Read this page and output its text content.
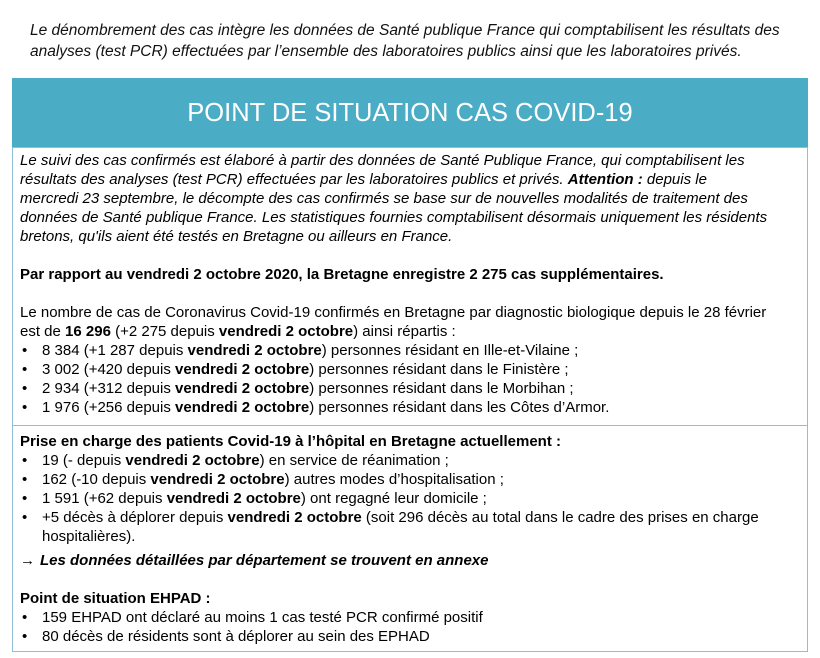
Le dénombrement des cas intègre les données de Santé publique France qui comptabilisent les résultats des
analyses (test PCR) effectuées par l’ensemble des laboratoires publics ainsi que les laboratoires privés.
POINT DE SITUATION CAS COVID-19
Le suivi des cas confirmés est élaboré à partir des données de Santé Publique France, qui comptabilisent les
résultats des analyses (test PCR) effectuées par les laboratoires publics et privés. Attention : depuis le
mercredi 23 septembre, le décompte des cas confirmés se base sur de nouvelles modalités de traitement des
données de Santé publique France. Les statistiques fournies comptabilisent désormais uniquement les résidents
bretons, qu'ils aient été testés en Bretagne ou ailleurs en France.
Par rapport au vendredi 2 octobre 2020, la Bretagne enregistre 2 275 cas supplémentaires.
Le nombre de cas de Coronavirus Covid-19 confirmés en Bretagne par diagnostic biologique depuis le 28 février
est de 16 296 (+2 275 depuis vendredi 2 octobre) ainsi répartis :
• 8 384 (+1 287 depuis vendredi 2 octobre) personnes résidant en Ille-et-Vilaine ;
• 3 002 (+420 depuis vendredi 2 octobre) personnes résidant dans le Finistère ;
• 2 934 (+312 depuis vendredi 2 octobre) personnes résidant dans le Morbihan ;
• 1 976 (+256 depuis vendredi 2 octobre) personnes résidant dans les Côtes d’Armor.
Prise en charge des patients Covid-19 à l’hôpital en Bretagne actuellement :
• 19 (- depuis vendredi 2 octobre) en service de réanimation ;
• 162 (-10 depuis vendredi 2 octobre) autres modes d’hospitalisation ;
• 1 591 (+62 depuis vendredi 2 octobre) ont regagné leur domicile ;
• +5 décès à déplorer depuis vendredi 2 octobre (soit 296 décès au total dans le cadre des prises en charge
hospitalières).
→ Les données détaillées par département se trouvent en annexe
Point de situation EHPAD :
• 159 EHPAD ont déclaré au moins 1 cas testé PCR confirmé positif
• 80 décès de résidents sont à déplorer au sein des EPHAD
